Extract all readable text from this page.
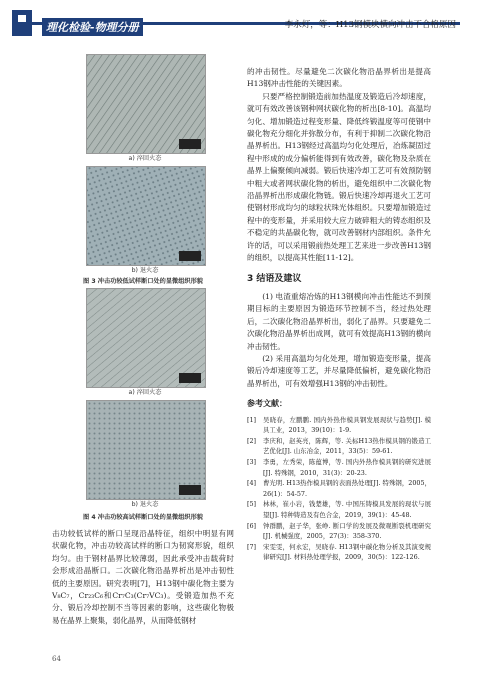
理化检验-物理分册	李永灯，等：H13钢模块横向冲击不合格原因
a) 淬回火态
b) 退火态
图 3 冲击功较低试样断口处的显微组织形貌
a) 淬回火态
b) 退火态
图 4 冲击功较高试样断口处的显微组织形貌

击功较低试样的断口呈现沿晶特征，组织中明显有网状碳化物，冲击功较高试样的断口为韧窝形貌，组织均匀。由于钢材晶界比较薄弱，因此承受冲击载荷时会形成沿晶断口。二次碳化物沿晶界析出是冲击韧性低的主要原因。研究表明[7]，H13钢中碳化物主要为V₈C₇，Cr₂₃C₆和Cr₇C₃(Cr₇VC₃)。受锻造加热不充分、锻后冷却控制不当等因素的影响，这些碳化物极易在晶界上聚集，弱化晶界，从而降低钢材

的冲击韧性。尽量避免二次碳化物沿晶界析出是提高H13钢冲击性能的关键因素。

只要严格控制锻造前加热温度及锻造后冷却速度，就可有效改善该钢种网状碳化物的析出[8-10]。高温均匀化、增加锻造过程变形量、降低终锻温度等可使钢中碳化物充分细化并弥散分布，有利于抑制二次碳化物沿晶界析出。H13钢经过高温均匀化处理后，冶炼凝固过程中形成的成分偏析能得到有效改善，碳化物及杂质在晶界上偏聚倾向减弱。锻后快速冷却工艺可有效预防钢中粗大或者网状碳化物的析出，避免组织中二次碳化物沿晶界析出形成碳化物链。锻后快速冷却再退火工艺可使钢材形成均匀的球粒状珠光体组织。只要增加锻造过程中的变形量，并采用较大应力破碎粗大的铸态组织及不稳定的共晶碳化物，就可改善钢材内部组织。条件允许的话，可以采用锻前热处理工艺来进一步改善H13钢的组织，以提高其性能[11-12]。

3 结语及建议

(1) 电渣重熔冶炼的H13钢模向冲击性能达不到预期目标的主要原因为锻造环节控制不当，经过热处理后，二次碳化物沿晶界析出，弱化了晶界。只要避免二次碳化物沿晶界析出成网，就可有效提高H13钢的横向冲击韧性。

(2) 采用高温均匀化处理，增加锻造变形量，提高锻后冷却速度等工艺，并尽量降低偏析，避免碳化物沿晶界析出，可有效增强H13钢的冲击韧性。

参考文献：
[1]	吴晓春，左鹏鹏. 国内外热作模具钢发展现状与趋势[J]. 模具工业，2013，39(10)：1-9.
[2]	李庆和，赵英亮，陈辉，等. 关标H13热作模具钢的锻造工艺优化[J]. 山东冶金，2011，33(5)：59-61.
[3]	李勇，左秀荣，陈蕴博，等. 国内外热作模具钢的研究进展[J]. 特殊钢，2010，31(3)：20-23.
[4]	曹光明. H13热作模具钢的表面热处理[J]. 特殊钢，2005，26(1)：54-57.
[5]	林林，崔小岩，钱楚雄，等. 中国压铸模具发展的现状与展望[J]. 特种铸造及有色合金，2019，39(1)：45-48.
[6]	钟群鹏，赵子华，张峥. 断口学的发展及微观断裂机理研究[J]. 机械强度，2005，27(3)：358-370.
[7]	宋雯雯，何永宏，吴晓春. H13钢中碳化物分析及其演变规律研究[J]. 材料热处理学报，2009，30(5)：122-126.
64
